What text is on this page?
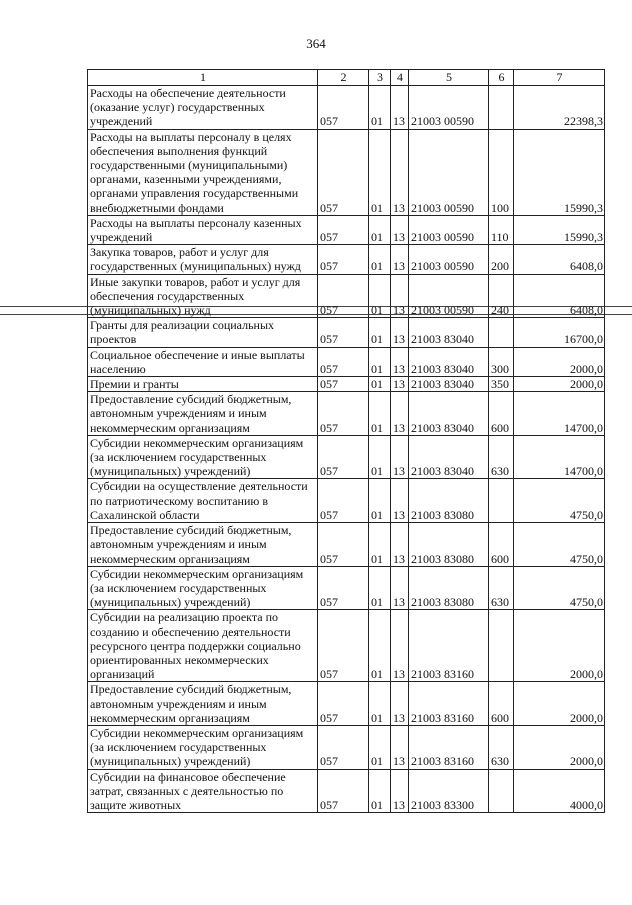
364
1	2	3	4	5	6	7
Расходы на обеспечение деятельности (оказание услуг) государственных учреждений	057	01	13	21003 00590		22398,3
Расходы на выплаты персоналу в целях обеспечения выполнения функций государственными (муниципальными) органами, казенными учреждениями, органами управления государственными внебюджетными фондами	057	01	13	21003 00590	100	15990,3
Расходы на выплаты персоналу казенных учреждений	057	01	13	21003 00590	110	15990,3
Закупка товаров, работ и услуг для государственных (муниципальных) нужд	057	01	13	21003 00590	200	6408,0
Иные закупки товаров, работ и услуг для обеспечения государственных (муниципальных) нужд	057	01	13	21003 00590	240	6408,0
Гранты для реализации социальных проектов	057	01	13	21003 83040		16700,0
Социальное обеспечение и иные выплаты населению	057	01	13	21003 83040	300	2000,0
Премии и гранты	057	01	13	21003 83040	350	2000,0
Предоставление субсидий бюджетным, автономным учреждениям и иным некоммерческим организациям	057	01	13	21003 83040	600	14700,0
Субсидии некоммерческим организациям (за исключением государственных (муниципальных) учреждений)	057	01	13	21003 83040	630	14700,0
Субсидии на осуществление деятельности по патриотическому воспитанию в Сахалинской области	057	01	13	21003 83080		4750,0
Предоставление субсидий бюджетным, автономным учреждениям и иным некоммерческим организациям	057	01	13	21003 83080	600	4750,0
Субсидии некоммерческим организациям (за исключением государственных (муниципальных) учреждений)	057	01	13	21003 83080	630	4750,0
Субсидии на реализацию проекта по созданию и обеспечению деятельности ресурсного центра поддержки социально ориентированных некоммерческих организаций	057	01	13	21003 83160		2000,0
Предоставление субсидий бюджетным, автономным учреждениям и иным некоммерческим организациям	057	01	13	21003 83160	600	2000,0
Субсидии некоммерческим организациям (за исключением государственных (муниципальных) учреждений)	057	01	13	21003 83160	630	2000,0
Субсидии на финансовое обеспечение затрат, связанных с деятельностью по защите животных	057	01	13	21003 83300		4000,0
